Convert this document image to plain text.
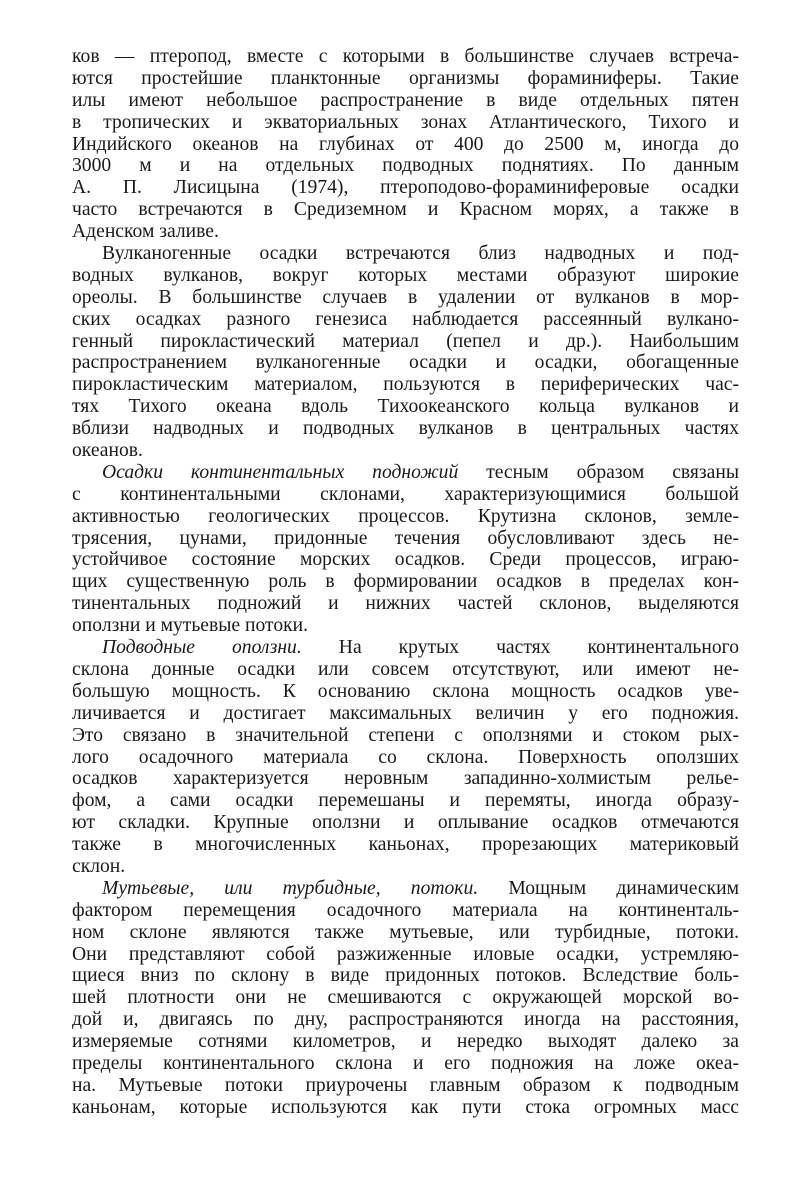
ков — птеропод, вместе с которыми в большинстве случаев встреча-
ются простейшие планктонные организмы фораминиферы. Такие
илы имеют небольшое распространение в виде отдельных пятен
в тропических и экваториальных зонах Атлантического, Тихого и
Индийского океанов на глубинах от 400 до 2500 м, иногда до
3000 м и на отдельных подводных поднятиях. По данным
А. П. Лисицына (1974), птероподово-фораминиферовые осадки
часто встречаются в Средиземном и Красном морях, а также в
Аденском заливе.
Вулканогенные осадки встречаются близ надводных и под-
водных вулканов, вокруг которых местами образуют широкие
ореолы. В большинстве случаев в удалении от вулканов в мор-
ских осадках разного генезиса наблюдается рассеянный вулкано-
генный пирокластический материал (пепел и др.). Наибольшим
распространением вулканогенные осадки и осадки, обогащенные
пирокластическим материалом, пользуются в периферических час-
тях Тихого океана вдоль Тихоокеанского кольца вулканов и
вблизи надводных и подводных вулканов в центральных частях
океанов.
Осадки континентальных подножий тесным образом связаны
с континентальными склонами, характеризующимися большой
активностью геологических процессов. Крутизна склонов, земле-
трясения, цунами, придонные течения обусловливают здесь не-
устойчивое состояние морских осадков. Среди процессов, играю-
щих существенную роль в формировании осадков в пределах кон-
тинентальных подножий и нижних частей склонов, выделяются
оползни и мутьевые потоки.
Подводные оползни. На крутых частях континентального
склона донные осадки или совсем отсутствуют, или имеют не-
большую мощность. К основанию склона мощность осадков уве-
личивается и достигает максимальных величин у его подножия.
Это связано в значительной степени с оползнями и стоком рых-
лого осадочного материала со склона. Поверхность оползших
осадков характеризуется неровным западинно-холмистым релье-
фом, а сами осадки перемешаны и перемяты, иногда образу-
ют складки. Крупные оползни и оплывание осадков отмечаются
также в многочисленных каньонах, прорезающих материковый
склон.
Мутьевые, или турбидные, потоки. Мощным динамическим
фактором перемещения осадочного материала на континенталь-
ном склоне являются также мутьевые, или турбидные, потоки.
Они представляют собой разжиженные иловые осадки, устремляю-
щиеся вниз по склону в виде придонных потоков. Вследствие боль-
шей плотности они не смешиваются с окружающей морской во-
дой и, двигаясь по дну, распространяются иногда на расстояния,
измеряемые сотнями километров, и нередко выходят далеко за
пределы континентального склона и его подножия на ложе океа-
на. Мутьевые потоки приурочены главным образом к подводным
каньонам, которые используются как пути стока огромных масс
